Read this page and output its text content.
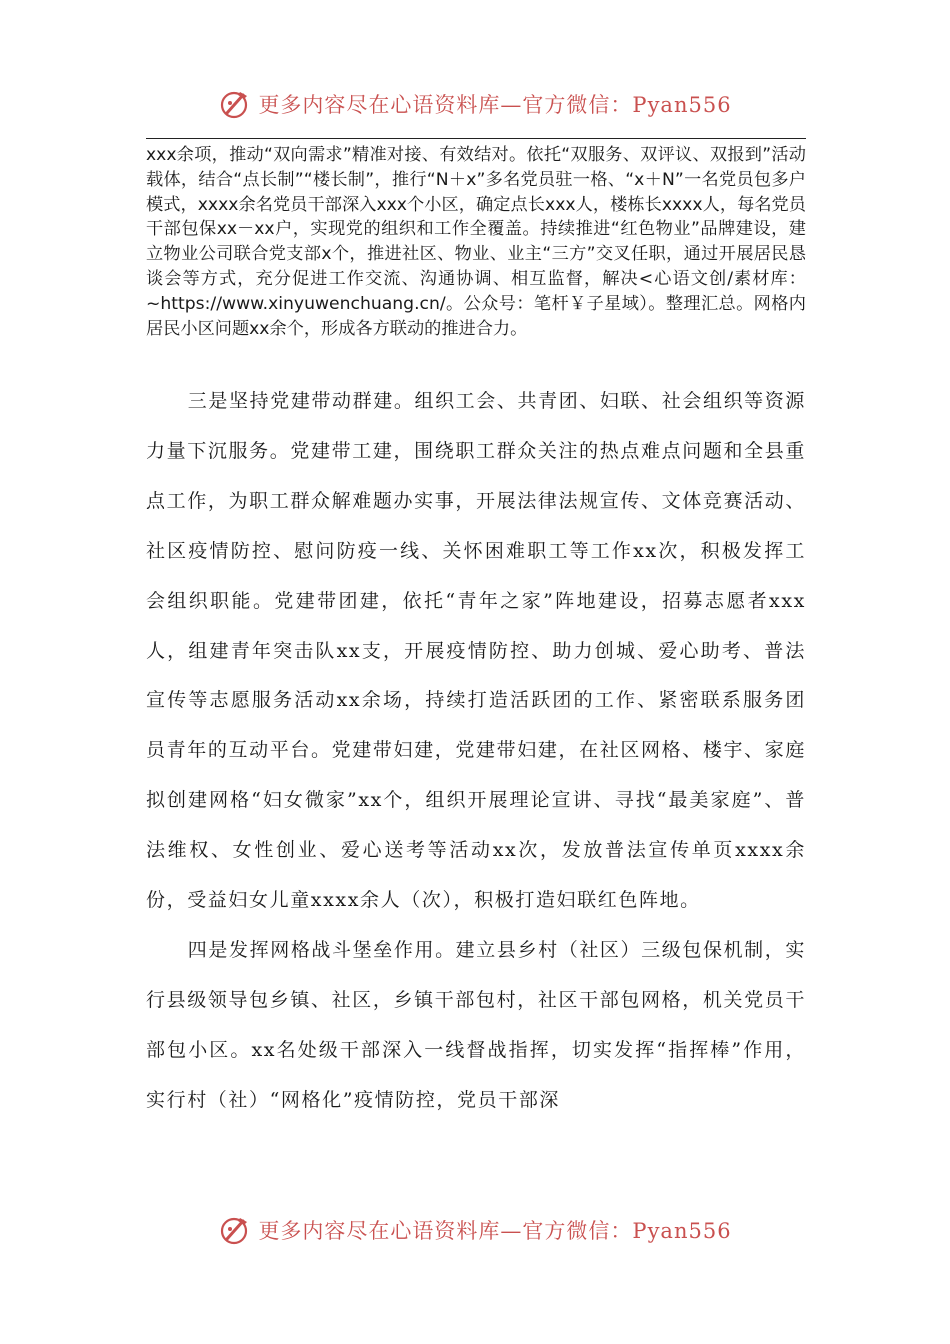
更多内容尽在心语资料库—官方微信：Pyan556

xxx余项，推动“双向需求”精准对接、有效结对。依托“双服务、双评议、双报到”活动载体，结合“点长制”“楼长制”，推行“N＋x”多名党员驻一格、“x＋N”一名党员包多户模式，xxxx余名党员干部深入xxx个小区，确定点长xxx人，楼栋长xxxx人，每名党员干部包保xx－xx户，实现党的组织和工作全覆盖。持续推进“红色物业”品牌建设，建立物业公司联合党支部x个，推进社区、物业、业主“三方”交叉任职，通过开展居民恳谈会等方式，充分促进工作交流、沟通协调、相互监督，解决<心语文创/素材库：~https://www.xinyuwenchuang.cn/。公众号：笔杆￥子星域）。整理汇总。网格内居民小区问题xx余个，形成各方联动的推进合力。

三是坚持党建带动群建。组织工会、共青团、妇联、社会组织等资源力量下沉服务。党建带工建，围绕职工群众关注的热点难点问题和全县重点工作，为职工群众解难题办实事，开展法律法规宣传、文体竞赛活动、社区疫情防控、慰问防疫一线、关怀困难职工等工作xx次，积极发挥工会组织职能。党建带团建，依托“青年之家”阵地建设，招募志愿者xxx人，组建青年突击队xx支，开展疫情防控、助力创城、爱心助考、普法宣传等志愿服务活动xx余场，持续打造活跃团的工作、紧密联系服务团员青年的互动平台。党建带妇建，党建带妇建，在社区网格、楼宇、家庭拟创建网格“妇女微家”xx个，组织开展理论宣讲、寻找“最美家庭”、普法维权、女性创业、爱心送考等活动xx次，发放普法宣传单页xxxx余份，受益妇女儿童xxxx余人（次），积极打造妇联红色阵地。

四是发挥网格战斗堡垒作用。建立县乡村（社区）三级包保机制，实行县级领导包乡镇、社区，乡镇干部包村，社区干部包网格，机关党员干部包小区。xx名处级干部深入一线督战指挥，切实发挥“指挥棒”作用，实行村（社）“网格化”疫情防控，党员干部深

更多内容尽在心语资料库—官方微信：Pyan556
